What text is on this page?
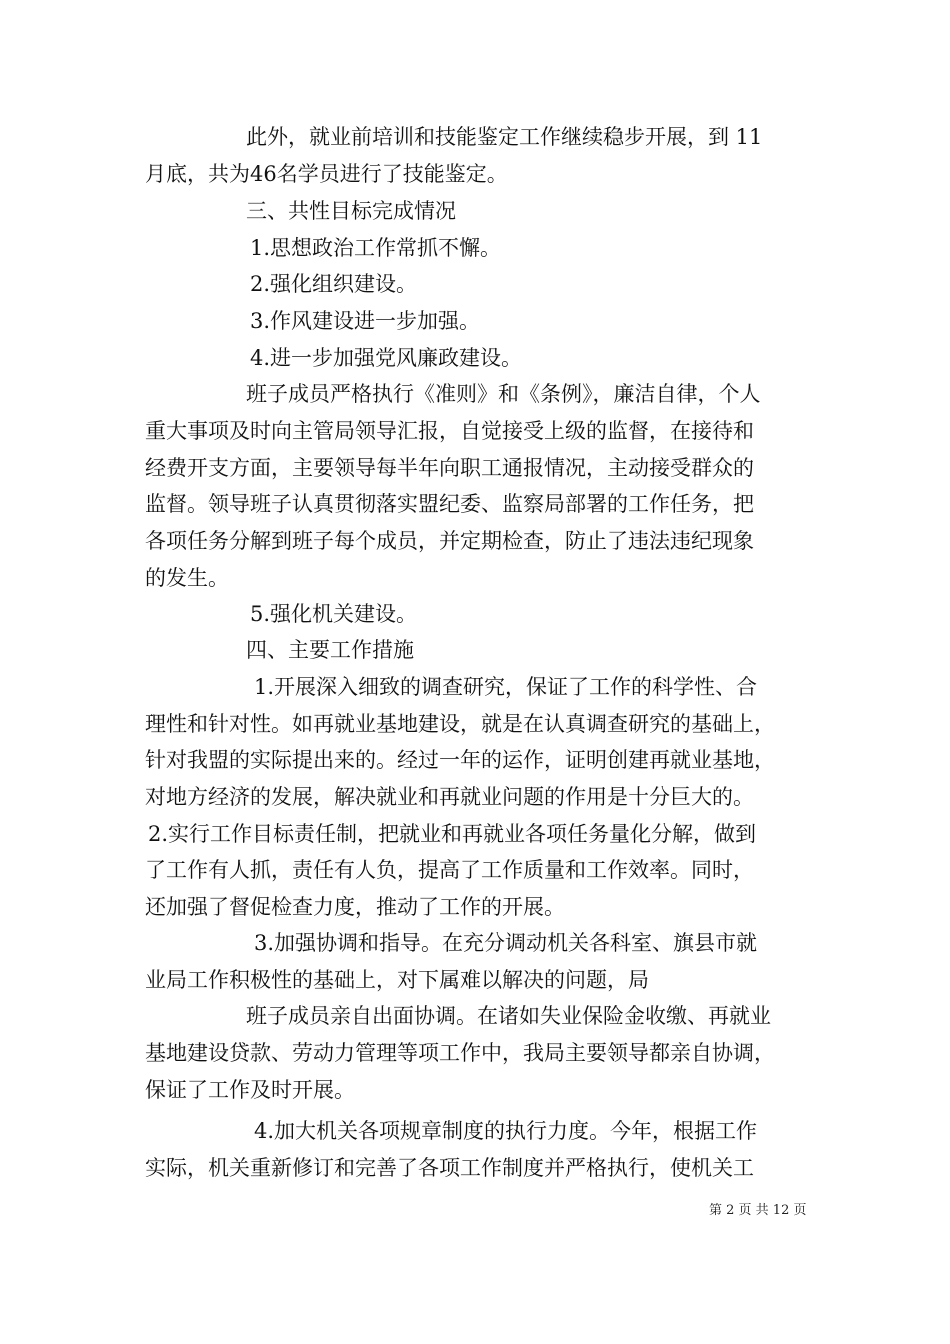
此外，就业前培训和技能鉴定工作继续稳步开展，到 11
月底，共为46名学员进行了技能鉴定。
三、共性目标完成情况
1.思想政治工作常抓不懈。
2.强化组织建设。
3.作风建设进一步加强。
4.进一步加强党风廉政建设。
班子成员严格执行《准则》和《条例》，廉洁自律，个人
重大事项及时向主管局领导汇报，自觉接受上级的监督，在接待和
经费开支方面，主要领导每半年向职工通报情况，主动接受群众的
监督。领导班子认真贯彻落实盟纪委、监察局部署的工作任务，把
各项任务分解到班子每个成员，并定期检查，防止了违法违纪现象
的发生。
5.强化机关建设。
四、主要工作措施
1.开展深入细致的调查研究，保证了工作的科学性、合
理性和针对性。如再就业基地建设，就是在认真调查研究的基础上，
针对我盟的实际提出来的。经过一年的运作，证明创建再就业基地，
对地方经济的发展，解决就业和再就业问题的作用是十分巨大的。
2.实行工作目标责任制，把就业和再就业各项任务量化分解，做到
了工作有人抓，责任有人负，提高了工作质量和工作效率。同时，
还加强了督促检查力度，推动了工作的开展。
3.加强协调和指导。在充分调动机关各科室、旗县市就
业局工作积极性的基础上，对下属难以解决的问题，局
班子成员亲自出面协调。在诸如失业保险金收缴、再就业
基地建设贷款、劳动力管理等项工作中，我局主要领导都亲自协调，
保证了工作及时开展。
4.加大机关各项规章制度的执行力度。今年，根据工作
实际，机关重新修订和完善了各项工作制度并严格执行，使机关工
第 2 页 共 12 页
